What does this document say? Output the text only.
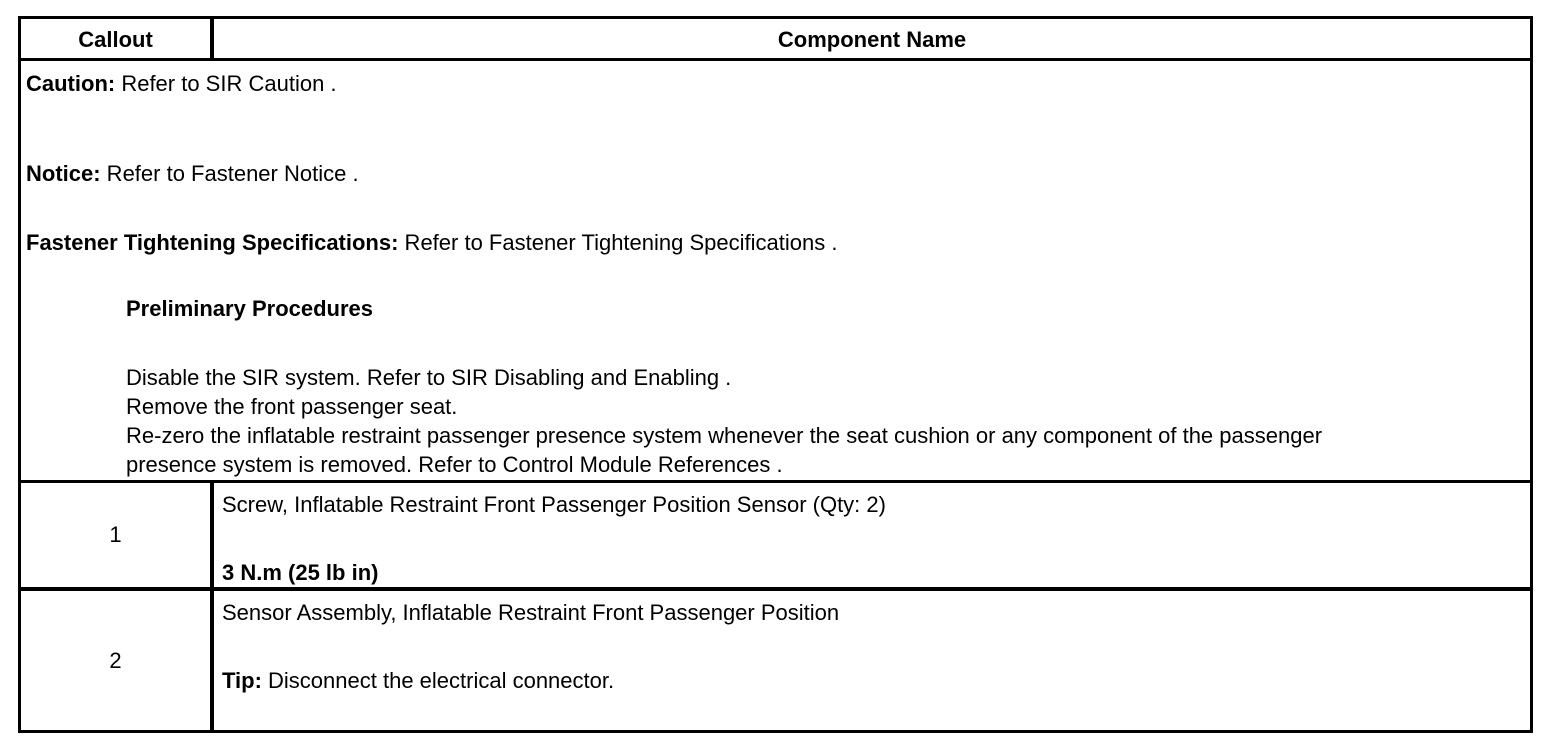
Callout	Component Name
Caution: Refer to SIR Caution .
Notice: Refer to Fastener Notice .
Fastener Tightening Specifications: Refer to Fastener Tightening Specifications .
Preliminary Procedures
Disable the SIR system. Refer to SIR Disabling and Enabling .
Remove the front passenger seat.
Re-zero the inflatable restraint passenger presence system whenever the seat cushion or any component of the passenger
presence system is removed. Refer to Control Module References .
1
Screw, Inflatable Restraint Front Passenger Position Sensor (Qty: 2)
3 N.m (25 lb in)
2
Sensor Assembly, Inflatable Restraint Front Passenger Position
Tip: Disconnect the electrical connector.
